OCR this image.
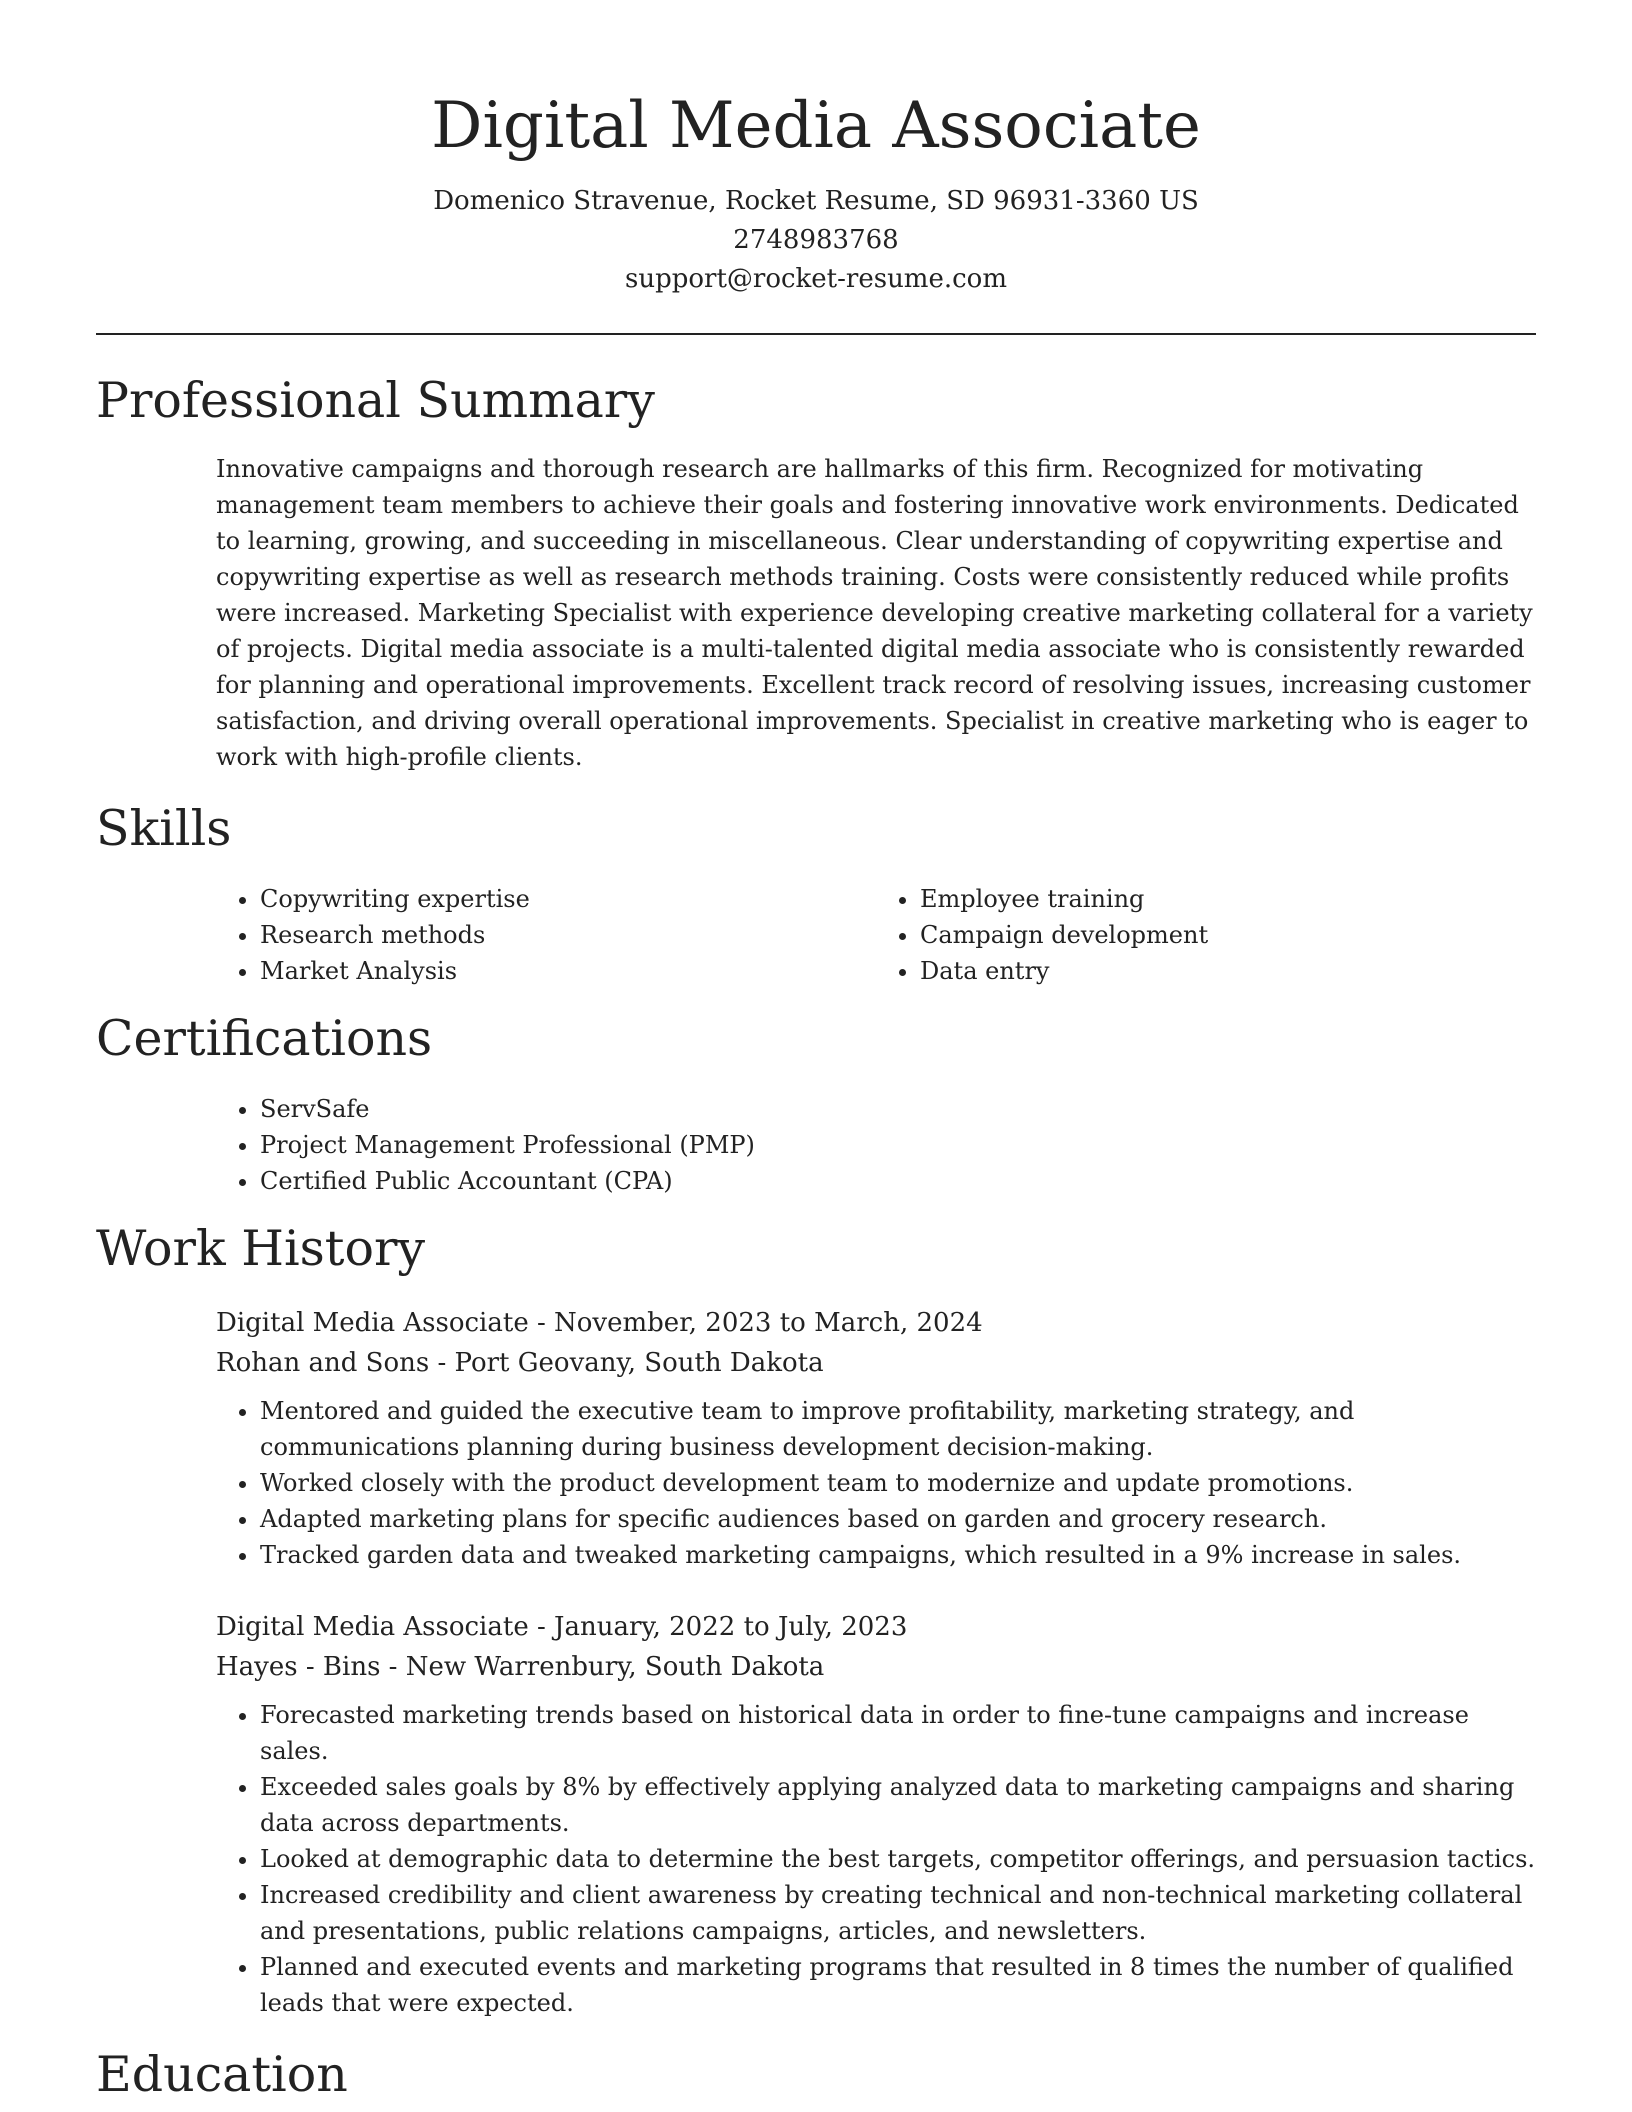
Digital Media Associate
Domenico Stravenue, Rocket Resume, SD 96931-3360 US
2748983768
support@rocket-resume.com
Professional Summary

Innovative campaigns and thorough research are hallmarks of this firm. Recognized for motivating management team members to achieve their goals and fostering innovative work environments. Dedicated to learning, growing, and succeeding in miscellaneous. Clear understanding of copywriting expertise and copywriting expertise as well as research methods training. Costs were consistently reduced while profits were increased. Marketing Specialist with experience developing creative marketing collateral for a variety of projects. Digital media associate is a multi-talented digital media associate who is consistently rewarded for planning and operational improvements. Excellent track record of resolving issues, increasing customer satisfaction, and driving overall operational improvements. Specialist in creative marketing who is eager to work with high-profile clients.

Skills
• Copywriting expertise
• Research methods
• Market Analysis
• Employee training
• Campaign development
• Data entry
Certifications
• ServSafe
• Project Management Professional (PMP)
• Certified Public Accountant (CPA)
Work History
Digital Media Associate - November, 2023 to March, 2024
Rohan and Sons - Port Geovany, South Dakota
• Mentored and guided the executive team to improve profitability, marketing strategy, and communications planning during business development decision-making.
• Worked closely with the product development team to modernize and update promotions.
• Adapted marketing plans for specific audiences based on garden and grocery research.
• Tracked garden data and tweaked marketing campaigns, which resulted in a 9% increase in sales.
Digital Media Associate - January, 2022 to July, 2023
Hayes - Bins - New Warrenbury, South Dakota
• Forecasted marketing trends based on historical data in order to fine-tune campaigns and increase sales.
• Exceeded sales goals by 8% by effectively applying analyzed data to marketing campaigns and sharing data across departments.
• Looked at demographic data to determine the best targets, competitor offerings, and persuasion tactics.
• Increased credibility and client awareness by creating technical and non-technical marketing collateral and presentations, public relations campaigns, articles, and newsletters.
• Planned and executed events and marketing programs that resulted in 8 times the number of qualified leads that were expected.
Education
